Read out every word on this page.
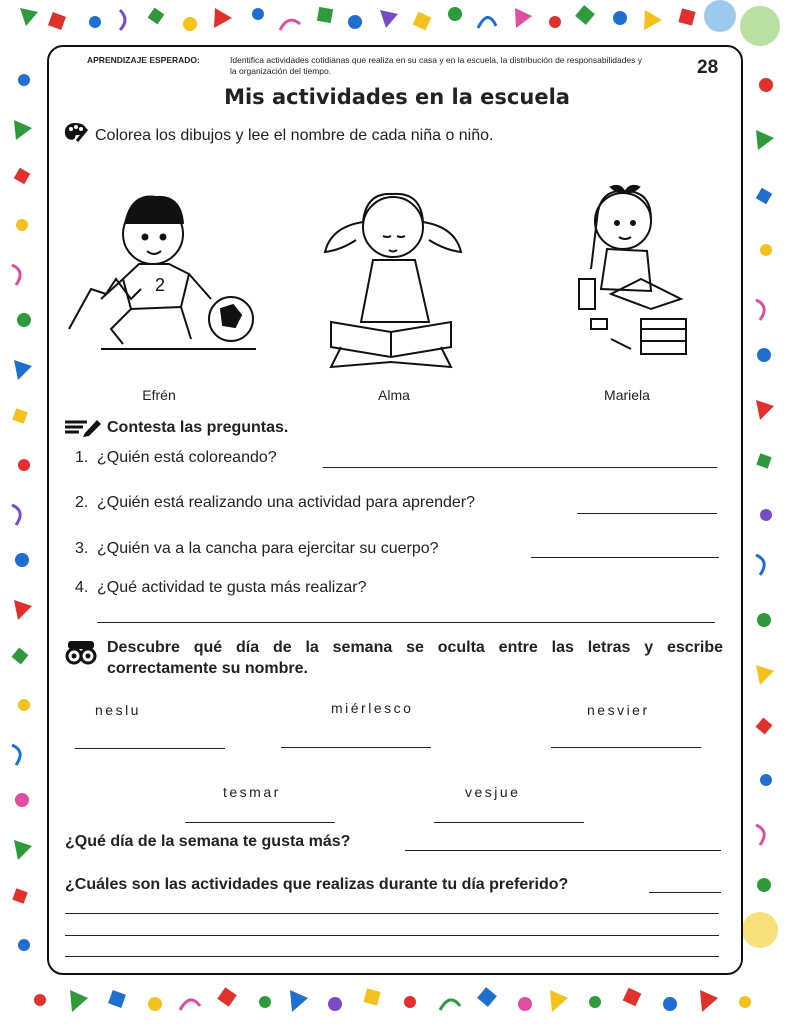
APRENDIZAJE ESPERADO:	Identifica actividades cotidianas que realiza en su casa y en la escuela, la distribución de responsabilidades y la organización del tiempo.	28
Mis actividades en la escuela
Colorea los dibujos y lee el nombre de cada niña o niño.
2
Efrén	Alma	Mariela
Contesta las preguntas.
1. ¿Quién está coloreando?
2. ¿Quién está realizando una actividad para aprender?
3. ¿Quién va a la cancha para ejercitar su cuerpo?
4. ¿Qué actividad te gusta más realizar?
Descubre qué día de la semana se oculta entre las letras y escribe correctamente su nombre.
neslu	miérlesco	nesvier
tesmar	vesjue
¿Qué día de la semana te gusta más?
¿Cuáles son las actividades que realizas durante tu día preferido?
